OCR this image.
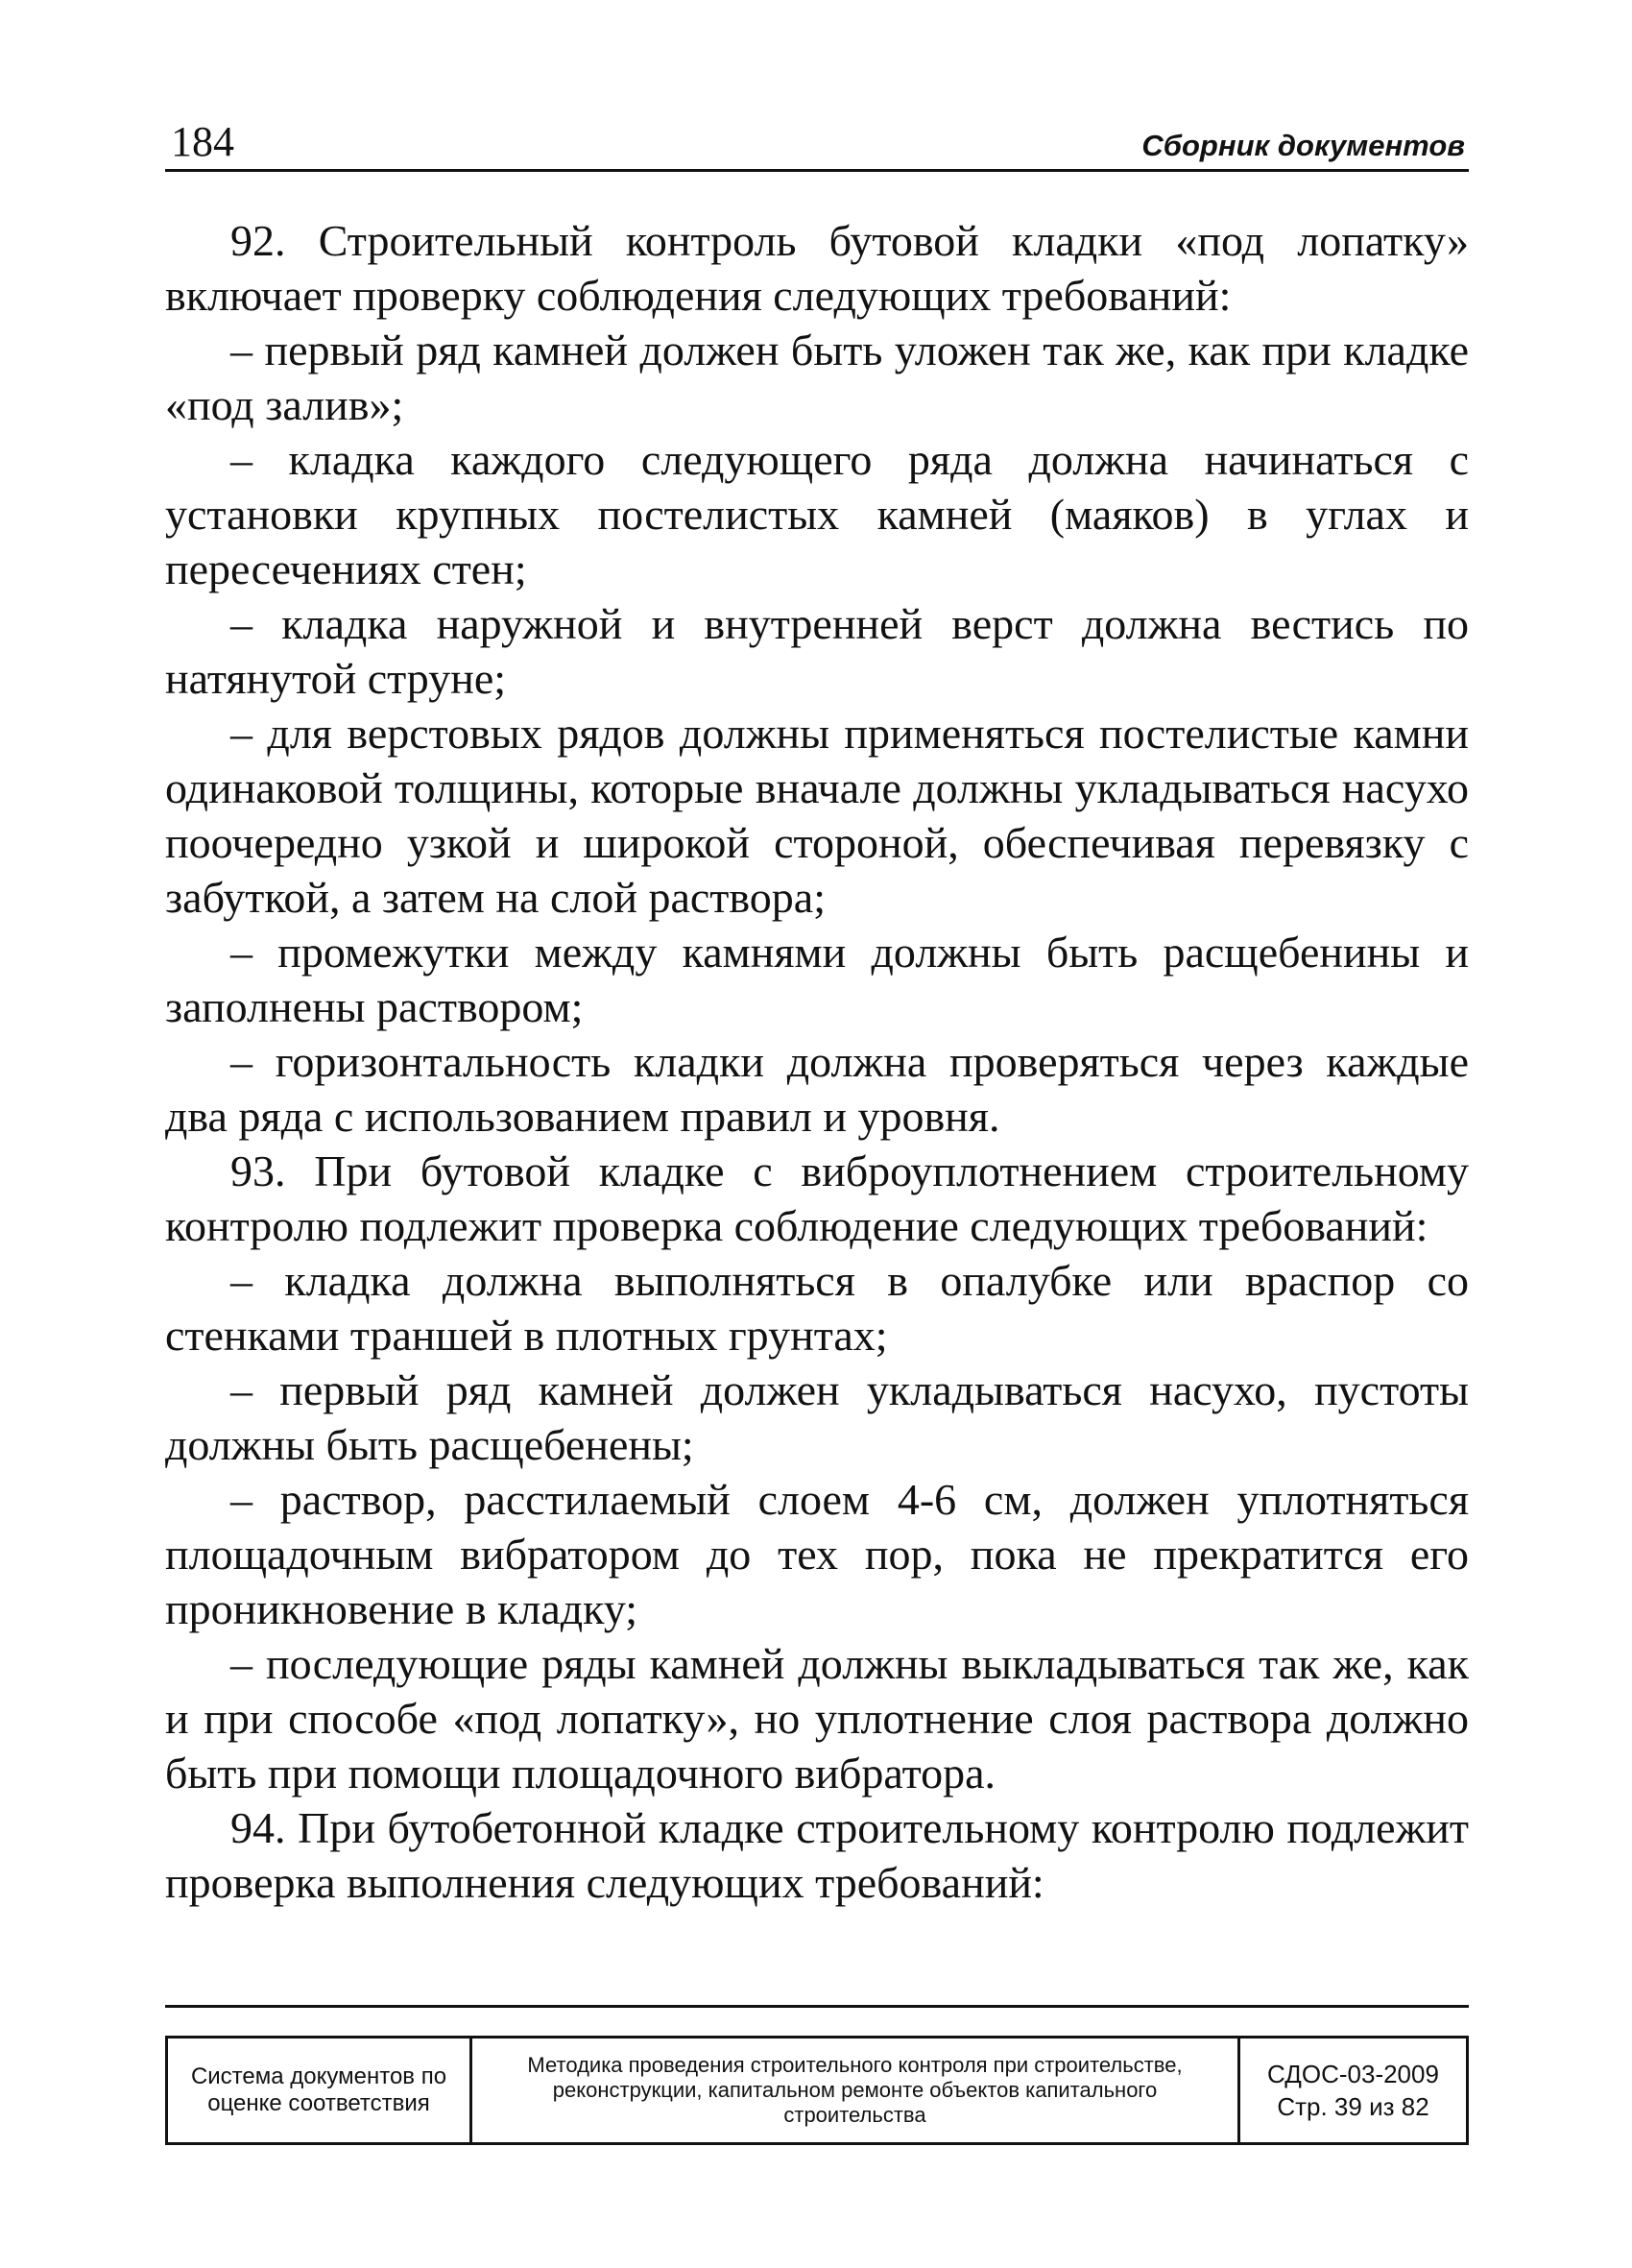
184	Сборник документов

92. Строительный контроль бутовой кладки «под лопатку» включает проверку соблюдения следующих требований:

– первый ряд камней должен быть уложен так же, как при кладке «под залив»;

– кладка каждого следующего ряда должна начинаться с установки крупных постелистых камней (маяков) в углах и пересечениях стен;

– кладка наружной и внутренней верст должна вестись по натянутой струне;

– для верстовых рядов должны применяться постелистые камни одинаковой толщины, которые вначале должны укладываться насухо поочередно узкой и широкой стороной, обеспечивая перевязку с забуткой, а затем на слой раствора;

– промежутки между камнями должны быть расщебенины и заполнены раствором;

– горизонтальность кладки должна проверяться через каждые два ряда с использованием правил и уровня.

93. При бутовой кладке с виброуплотнением строительному контролю подлежит проверка соблюдение следующих требований:

– кладка должна выполняться в опалубке или враспор со стенками траншей в плотных грунтах;

– первый ряд камней должен укладываться насухо, пустоты должны быть расщебенены;

– раствор, расстилаемый слоем 4-6 см, должен уплотняться площадочным вибратором до тех пор, пока не прекратится его проникновение в кладку;

– последующие ряды камней должны выкладываться так же, как и при способе «под лопатку», но уплотнение слоя раствора должно быть при помощи площадочного вибратора.

94. При бутобетонной кладке строительному контролю подлежит проверка выполнения следующих требований:

Система документов по оценке соответствия
Методика проведения строительного контроля при строительстве, реконструкции, капитальном ремонте объектов капитального строительства
СДОС-03-2009
Стр. 39 из 82
